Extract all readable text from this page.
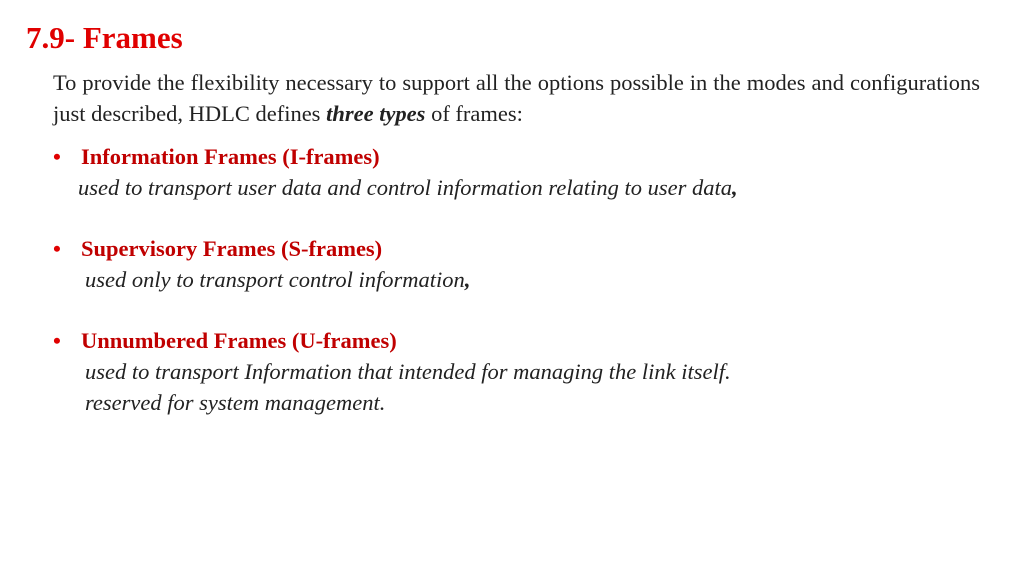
7.9- Frames

To provide the flexibility necessary to support all the options possible in the modes and configurations just described, HDLC defines three types of frames:

• Information Frames (I-frames)
used to transport user data and control information relating to user data,
• Supervisory Frames (S-frames)
used only to transport control information,
• Unnumbered Frames (U-frames)
used to transport Information that intended for managing the link itself.
reserved for system management.
